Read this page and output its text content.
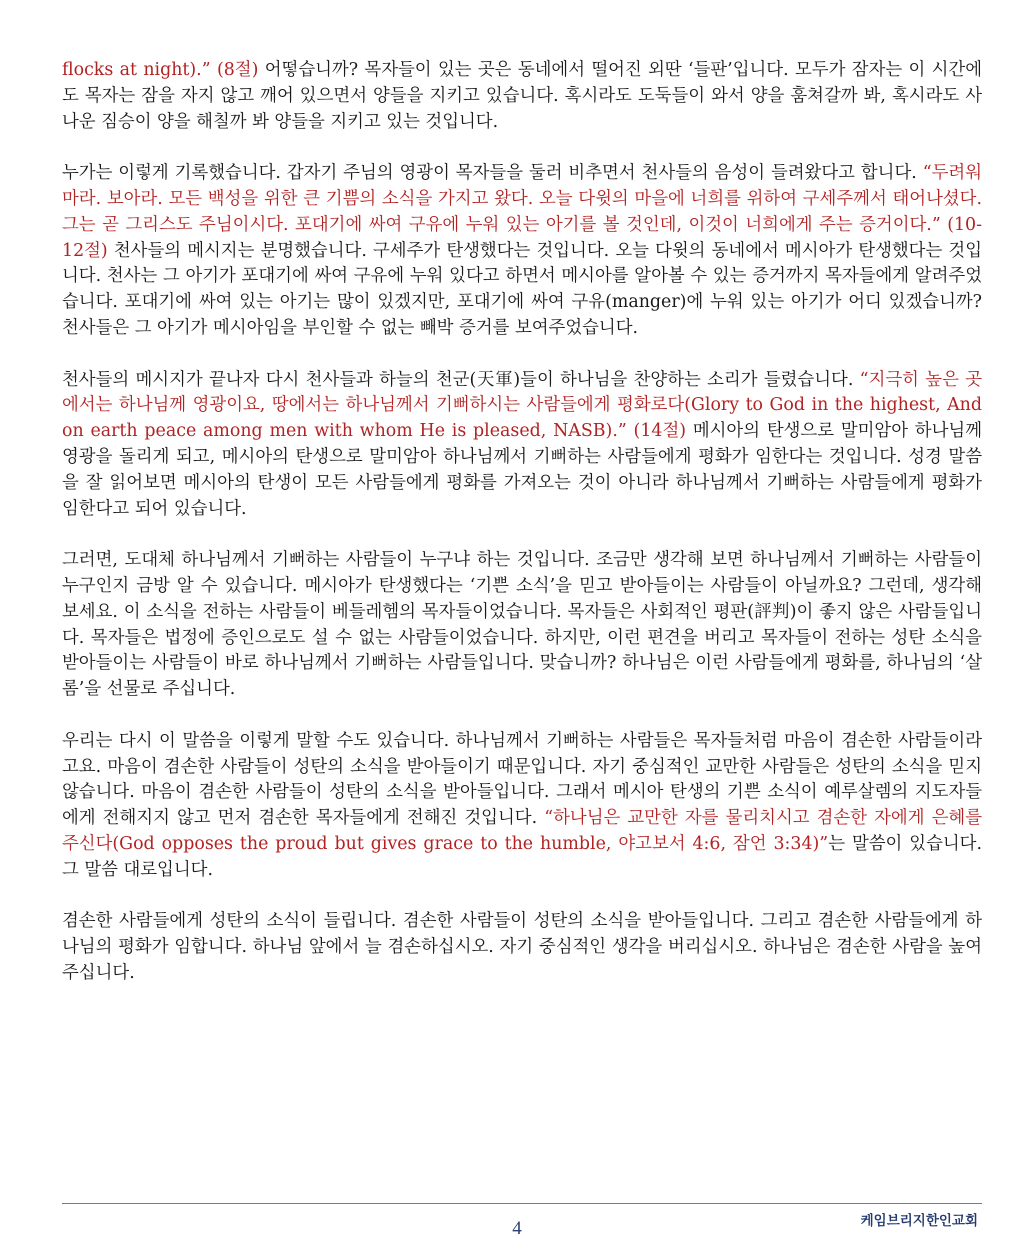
flocks at night).” (8절) 어떻습니까? 목자들이 있는 곳은 동네에서 떨어진 외딴 ‘들판’입니다. 모두가 잠자는 이 시간에도 목자는 잠을 자지 않고 깨어 있으면서 양들을 지키고 있습니다. 혹시라도 도둑들이 와서 양을 훔쳐갈까 봐, 혹시라도 사나운 짐승이 양을 해칠까 봐 양들을 지키고 있는 것입니다.

누가는 이렇게 기록했습니다. 갑자기 주님의 영광이 목자들을 둘러 비추면서 천사들의 음성이 들려왔다고 합니다. “두려워 마라. 보아라. 모든 백성을 위한 큰 기쁨의 소식을 가지고 왔다. 오늘 다윗의 마을에 너희를 위하여 구세주께서 태어나셨다. 그는 곧 그리스도 주님이시다. 포대기에 싸여 구유에 누워 있는 아기를 볼 것인데, 이것이 너희에게 주는 증거이다.” (10-12절) 천사들의 메시지는 분명했습니다. 구세주가 탄생했다는 것입니다. 오늘 다윗의 동네에서 메시아가 탄생했다는 것입니다. 천사는 그 아기가 포대기에 싸여 구유에 누워 있다고 하면서 메시아를 알아볼 수 있는 증거까지 목자들에게 알려주었습니다. 포대기에 싸여 있는 아기는 많이 있겠지만, 포대기에 싸여 구유(manger)에 누워 있는 아기가 어디 있겠습니까? 천사들은 그 아기가 메시아임을 부인할 수 없는 빼박 증거를 보여주었습니다.

천사들의 메시지가 끝나자 다시 천사들과 하늘의 천군(天軍)들이 하나님을 찬양하는 소리가 들렸습니다. “지극히 높은 곳에서는 하나님께 영광이요, 땅에서는 하나님께서 기뻐하시는 사람들에게 평화로다(Glory to God in the highest, And on earth peace among men with whom He is pleased, NASB).” (14절) 메시아의 탄생으로 말미암아 하나님께 영광을 돌리게 되고, 메시아의 탄생으로 말미암아 하나님께서 기뻐하는 사람들에게 평화가 임한다는 것입니다. 성경 말씀을 잘 읽어보면 메시아의 탄생이 모든 사람들에게 평화를 가져오는 것이 아니라 하나님께서 기뻐하는 사람들에게 평화가 임한다고 되어 있습니다.

그러면, 도대체 하나님께서 기뻐하는 사람들이 누구냐 하는 것입니다. 조금만 생각해 보면 하나님께서 기뻐하는 사람들이 누구인지 금방 알 수 있습니다. 메시아가 탄생했다는 ‘기쁜 소식’을 믿고 받아들이는 사람들이 아닐까요? 그런데, 생각해 보세요. 이 소식을 전하는 사람들이 베들레헴의 목자들이었습니다. 목자들은 사회적인 평판(評判)이 좋지 않은 사람들입니다. 목자들은 법정에 증인으로도 설 수 없는 사람들이었습니다. 하지만, 이런 편견을 버리고 목자들이 전하는 성탄 소식을 받아들이는 사람들이 바로 하나님께서 기뻐하는 사람들입니다. 맞습니까? 하나님은 이런 사람들에게 평화를, 하나님의 ‘살롬’을 선물로 주십니다.

우리는 다시 이 말씀을 이렇게 말할 수도 있습니다. 하나님께서 기뻐하는 사람들은 목자들처럼 마음이 겸손한 사람들이라고요. 마음이 겸손한 사람들이 성탄의 소식을 받아들이기 때문입니다. 자기 중심적인 교만한 사람들은 성탄의 소식을 믿지 않습니다. 마음이 겸손한 사람들이 성탄의 소식을 받아들입니다. 그래서 메시아 탄생의 기쁜 소식이 예루살렘의 지도자들에게 전해지지 않고 먼저 겸손한 목자들에게 전해진 것입니다. “하나님은 교만한 자를 물리치시고 겸손한 자에게 은혜를 주신다(God opposes the proud but gives grace to the humble, 야고보서 4:6, 잠언 3:34)”는 말씀이 있습니다. 그 말씀 대로입니다.

겸손한 사람들에게 성탄의 소식이 들립니다. 겸손한 사람들이 성탄의 소식을 받아들입니다. 그리고 겸손한 사람들에게 하나님의 평화가 임합니다. 하나님 앞에서 늘 겸손하십시오. 자기 중심적인 생각을 버리십시오. 하나님은 겸손한 사람을 높여 주십니다.

4	케임브리지한인교회
